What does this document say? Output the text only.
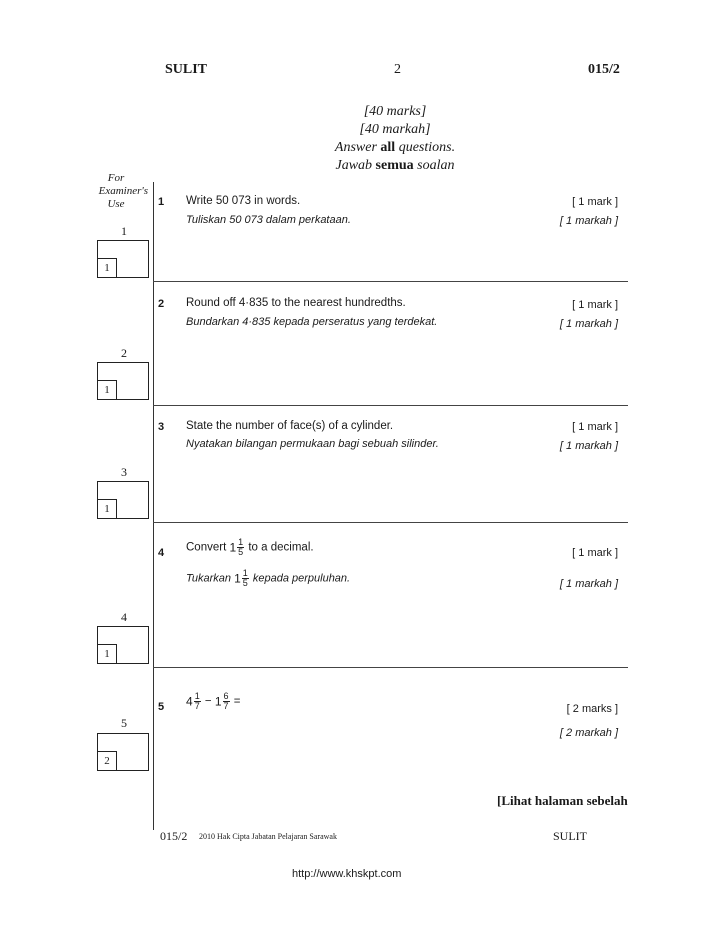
SULIT	2	015/2
[40 marks]
[40 markah]
Answer all questions.
Jawab semua soalan
For
Examiner's
Use	1 Write 50 073 in words.
Tuliskan 50 073 dalam perkataan.
[ 1 mark ]
[ 1 markah ]
1
1
2 Round off 4·835 to the nearest hundredths.
Bundarkan 4·835 kepada perseratus yang terdekat.
[ 1 mark ]
[ 1 markah ]
2
1
3 State the number of face(s) of a cylinder.
Nyatakan bilangan permukaan bagi sebuah silinder.
[ 1 mark ]
[ 1 markah ]
3
1
4 Convert $1 \frac{1}{5}$ to a decimal.
Tukarkan $1 \frac{1}{5}$ kepada perpuluhan.
[ 1 mark ]
[ 1 markah ]
4
1
5 $4 \frac{1}{7} - 1 \frac{6}{7}$ =
[ 2 marks ]
[ 2 markah ]
5
2
[Lihat halaman sebelah
015/2 2010 Hak Cipta Jabatan Pelajaran Sarawak	SULIT
http://www.khskpt.com
